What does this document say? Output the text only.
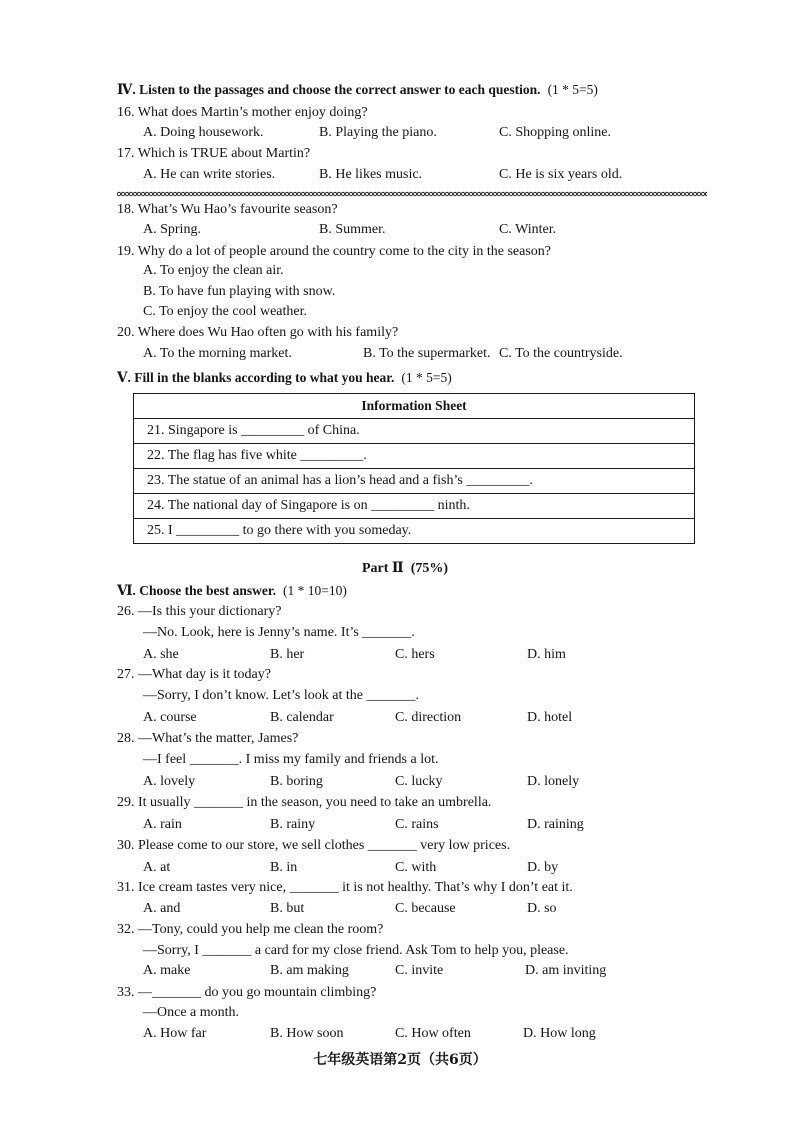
Ⅳ. Listen to the passages and choose the correct answer to each question. (1 * 5=5)
16. What does Martin’s mother enjoy doing?
A. Doing housework.	B. Playing the piano.	C. Shopping online.
17. Which is TRUE about Martin?
A. He can write stories.	B. He likes music.	C. He is six years old.
18. What’s Wu Hao’s favourite season?
A. Spring.	B. Summer.	C. Winter.
19. Why do a lot of people around the country come to the city in the season?
A. To enjoy the clean air.
B. To have fun playing with snow.
C. To enjoy the cool weather.
20. Where does Wu Hao often go with his family?
A. To the morning market.	B. To the supermarket. C. To the countryside.
Ⅴ. Fill in the blanks according to what you hear. (1 * 5=5)
Information Sheet
21. Singapore is _________ of China.
22. The flag has five white _________.
23. The statue of an animal has a lion’s head and a fish’s _________.
24. The national day of Singapore is on _________ ninth.
25. I _________ to go there with you someday.
Part Ⅱ (75%)
Ⅵ. Choose the best answer. (1 * 10=10)
26. —Is this your dictionary?
—No. Look, here is Jenny’s name. It’s _______.
A. she	B. her	C. hers	D. him
27. —What day is it today?
—Sorry, I don’t know. Let’s look at the _______.
A. course	B. calendar	C. direction	D. hotel
28. —What’s the matter, James?
—I feel _______. I miss my family and friends a lot.
A. lovely	B. boring	C. lucky	D. lonely
29. It usually _______ in the season, you need to take an umbrella.
A. rain	B. rainy	C. rains	D. raining
30. Please come to our store, we sell clothes _______ very low prices.
A. at	B. in	C. with	D. by
31. Ice cream tastes very nice, _______ it is not healthy. That’s why I don’t eat it.
A. and	B. but	C. because	D. so
32. —Tony, could you help me clean the room?
—Sorry, I _______ a card for my close friend. Ask Tom to help you, please.
A. make	B. am making	C. invite	D. am inviting
33. —_______ do you go mountain climbing?
—Once a month.
A. How far	B. How soon	C. How often	D. How long
七年级英语第2页（共6页）
